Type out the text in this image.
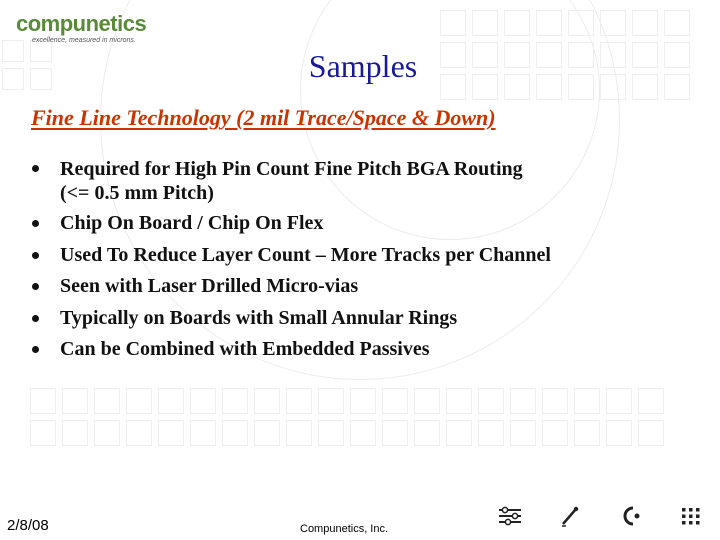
compunetics
excellence, measured in microns.
Samples
Fine Line Technology (2 mil Trace/Space & Down)
Required for High Pin Count Fine Pitch BGA Routing
(<= 0.5 mm Pitch)
Chip On Board / Chip On Flex
Used To Reduce Layer Count – More Tracks per Channel
Seen with Laser Drilled Micro-vias
Typically on Boards with Small Annular Rings
Can be Combined with Embedded Passives
2/8/08	Compunetics, Inc.
